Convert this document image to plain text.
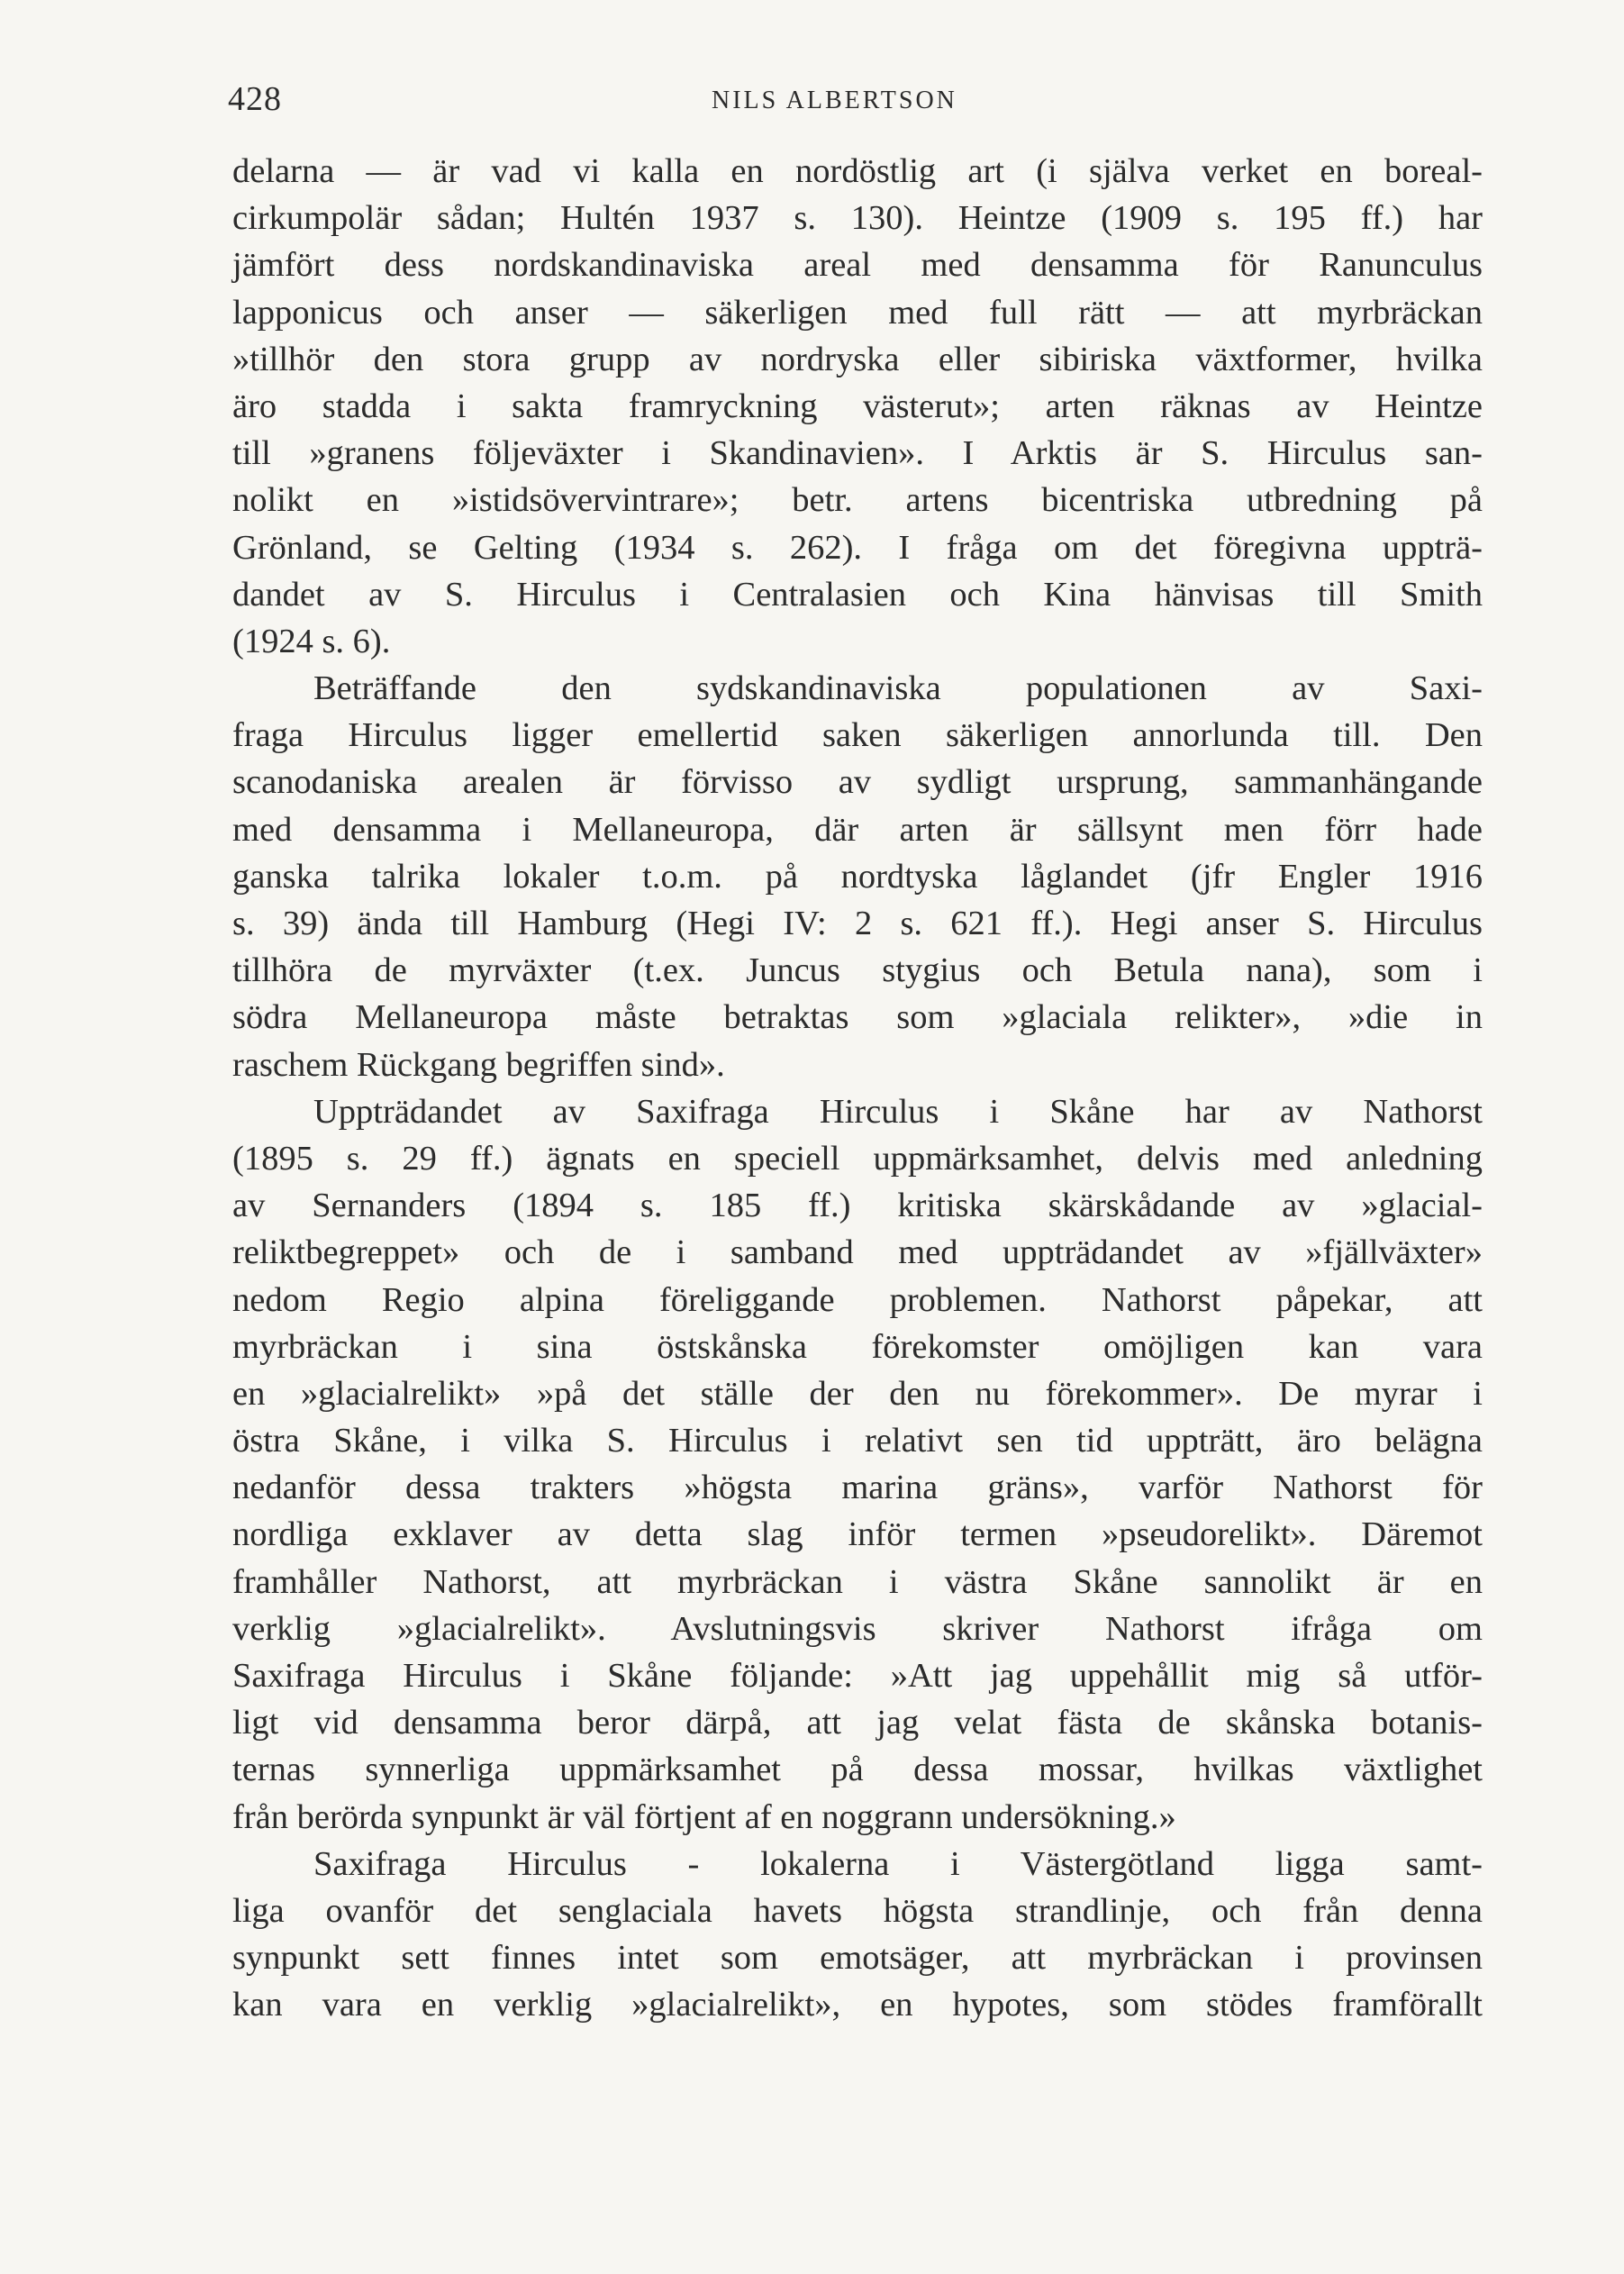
428	NILS ALBERTSON
delarna — är vad vi kalla en nordöstlig art (i själva verket en boreal-
cirkumpolär sådan; Hultén 1937 s. 130). Heintze (1909 s. 195 ff.) har
jämfört dess nordskandinaviska areal med densamma för Ranunculus
lapponicus och anser — säkerligen med full rätt — att myrbräckan
»tillhör den stora grupp av nordryska eller sibiriska växtformer, hvilka
äro stadda i sakta framryckning västerut»; arten räknas av Heintze
till »granens följeväxter i Skandinavien». I Arktis är S. Hirculus san-
nolikt en »istidsövervintrare»; betr. artens bicentriska utbredning på
Grönland, se Gelting (1934 s. 262). I fråga om det föregivna uppträ-
dandet av S. Hirculus i Centralasien och Kina hänvisas till Smith
(1924 s. 6).
Beträffande den sydskandinaviska populationen av Saxi-
fraga Hirculus ligger emellertid saken säkerligen annorlunda till. Den
scanodaniska arealen är förvisso av sydligt ursprung, sammanhängande
med densamma i Mellaneuropa, där arten är sällsynt men förr hade
ganska talrika lokaler t.o.m. på nordtyska låglandet (jfr Engler 1916
s. 39) ända till Hamburg (Hegi IV: 2 s. 621 ff.). Hegi anser S. Hirculus
tillhöra de myrväxter (t.ex. Juncus stygius och Betula nana), som i
södra Mellaneuropa måste betraktas som »glaciala relikter», »die in
raschem Rückgang begriffen sind».
Uppträdandet av Saxifraga Hirculus i Skåne har av Nathorst
(1895 s. 29 ff.) ägnats en speciell uppmärksamhet, delvis med anledning
av Sernanders (1894 s. 185 ff.) kritiska skärskådande av »glacial-
reliktbegreppet» och de i samband med uppträdandet av »fjällväxter»
nedom Regio alpina föreliggande problemen. Nathorst påpekar, att
myrbräckan i sina östskånska förekomster omöjligen kan vara
en »glacialrelikt» »på det ställe der den nu förekommer». De myrar i
östra Skåne, i vilka S. Hirculus i relativt sen tid uppträtt, äro belägna
nedanför dessa trakters »högsta marina gräns», varför Nathorst för
nordliga exklaver av detta slag inför termen »pseudorelikt». Däremot
framhåller Nathorst, att myrbräckan i västra Skåne sannolikt är en
verklig »glacialrelikt». Avslutningsvis skriver Nathorst ifråga om
Saxifraga Hirculus i Skåne följande: »Att jag uppehållit mig så utför-
ligt vid densamma beror därpå, att jag velat fästa de skånska botanis-
ternas synnerliga uppmärksamhet på dessa mossar, hvilkas växtlighet
från berörda synpunkt är väl förtjent af en noggrann undersökning.»
Saxifraga Hirculus - lokalerna i Västergötland ligga samt-
liga ovanför det senglaciala havets högsta strandlinje, och från denna
synpunkt sett finnes intet som emotsäger, att myrbräckan i provinsen
kan vara en verklig »glacialrelikt», en hypotes, som stödes framförallt
